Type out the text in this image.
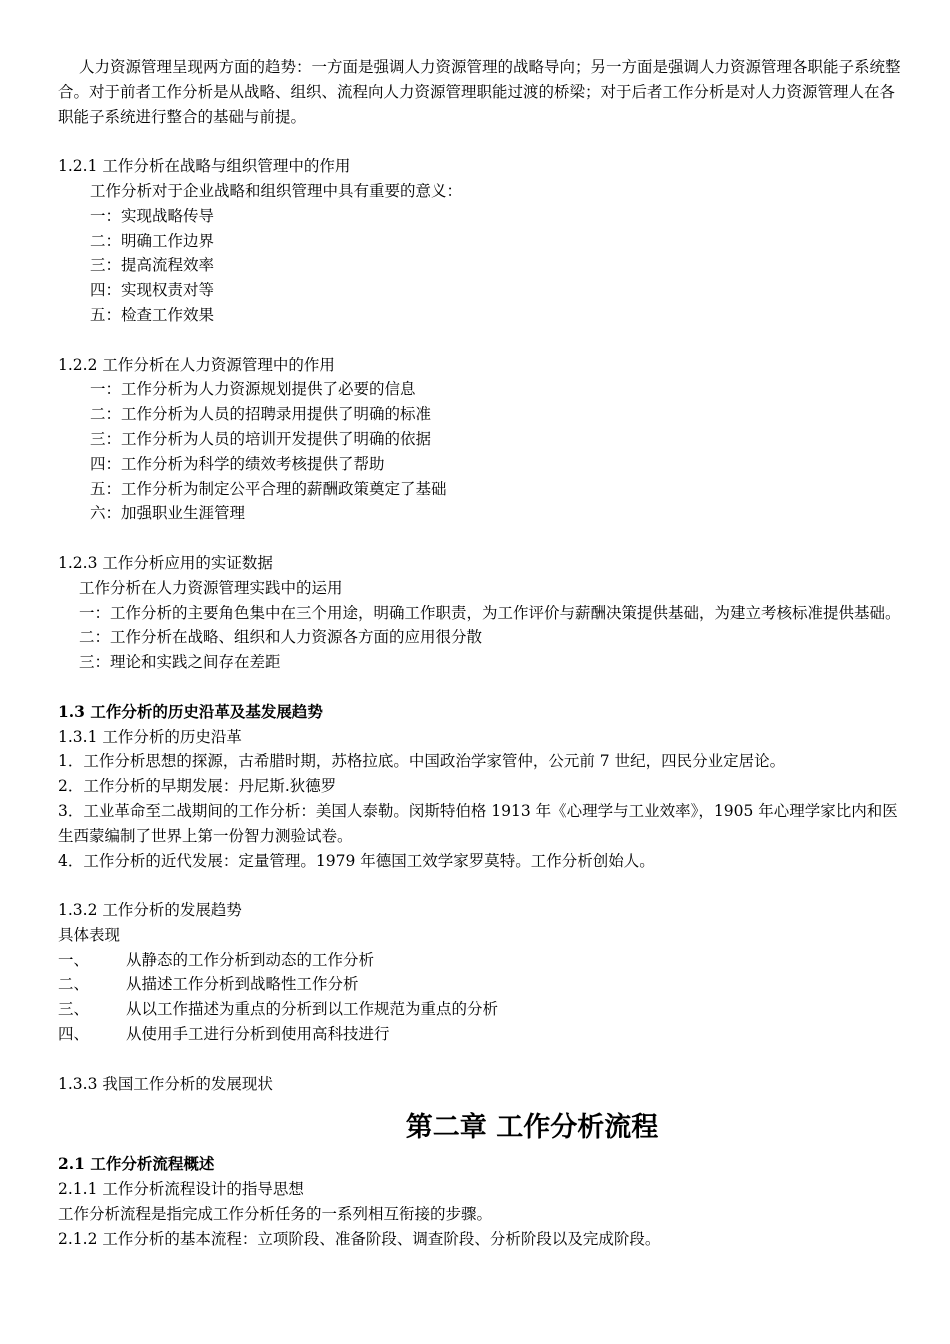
人力资源管理呈现两方面的趋势：一方面是强调人力资源管理的战略导向；另一方面是强调人力资源管理各职能子系统整合。对于前者工作分析是从战略、组织、流程向人力资源管理职能过渡的桥梁；对于后者工作分析是对人力资源管理人在各职能子系统进行整合的基础与前提。

1.2.1 工作分析在战略与组织管理中的作用

工作分析对于企业战略和组织管理中具有重要的意义：

一：实现战略传导

二：明确工作边界

三：提高流程效率

四：实现权责对等

五：检查工作效果

1.2.2 工作分析在人力资源管理中的作用

一：工作分析为人力资源规划提供了必要的信息

二：工作分析为人员的招聘录用提供了明确的标准

三：工作分析为人员的培训开发提供了明确的依据

四：工作分析为科学的绩效考核提供了帮助

五：工作分析为制定公平合理的薪酬政策奠定了基础

六：加强职业生涯管理

1.2.3 工作分析应用的实证数据

工作分析在人力资源管理实践中的运用

一：工作分析的主要角色集中在三个用途，明确工作职责，为工作评价与薪酬决策提供基础，为建立考核标准提供基础。

二：工作分析在战略、组织和人力资源各方面的应用很分散

三：理论和实践之间存在差距

1.3 工作分析的历史沿革及基发展趋势

1.3.1 工作分析的历史沿革

1．工作分析思想的探源，古希腊时期，苏格拉底。中国政治学家管仲，公元前 7 世纪，四民分业定居论。

2．工作分析的早期发展：丹尼斯.狄德罗

3．工业革命至二战期间的工作分析：美国人泰勒。闵斯特伯格 1913 年《心理学与工业效率》，1905 年心理学家比内和医生西蒙编制了世界上第一份智力测验试卷。

4．工作分析的近代发展：定量管理。1979 年德国工效学家罗莫特。工作分析创始人。

1.3.2 工作分析的发展趋势

具体表现

一、	从静态的工作分析到动态的工作分析
二、	从描述工作分析到战略性工作分析
三、	从以工作描述为重点的分析到以工作规范为重点的分析
四、	从使用手工进行分析到使用高科技进行

1.3.3 我国工作分析的发展现状

第二章 工作分析流程

2.1 工作分析流程概述

2.1.1 工作分析流程设计的指导思想

工作分析流程是指完成工作分析任务的一系列相互衔接的步骤。

2.1.2 工作分析的基本流程：立项阶段、准备阶段、调查阶段、分析阶段以及完成阶段。
